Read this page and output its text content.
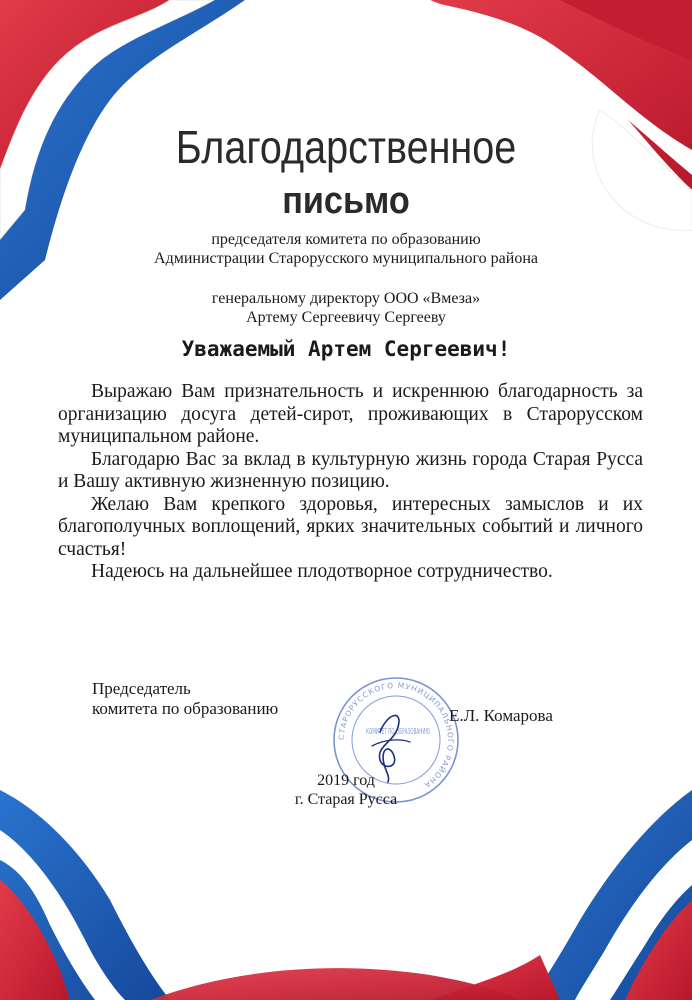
Благодарственное
письмо
председателя комитета по образованию
Администрации Старорусского муниципального района
генеральному директору ООО «Вмеза»
Артему Сергеевичу Сергееву
Уважаемый Артем Сергеевич!

Выражаю Вам признательность и искреннюю благодарность за организацию досуга детей-сирот, проживающих в Старорусском муниципальном районе.

Благодарю Вас за вклад в культурную жизнь города Старая Русса и Вашу активную жизненную позицию.

Желаю Вам крепкого здоровья, интересных замыслов и их благополучных воплощений, ярких значительных событий и личного счастья!

Надеюсь на дальнейшее плодотворное сотрудничество.

Председатель
комитета по образованию
СТАРОРУССКОГО МУНИЦИПАЛЬНОГО РАЙОНА
КОМИТЕТ ПО ОБРАЗОВАНИЮ
Е.Л. Комарова
2019 год
г. Старая Русса
